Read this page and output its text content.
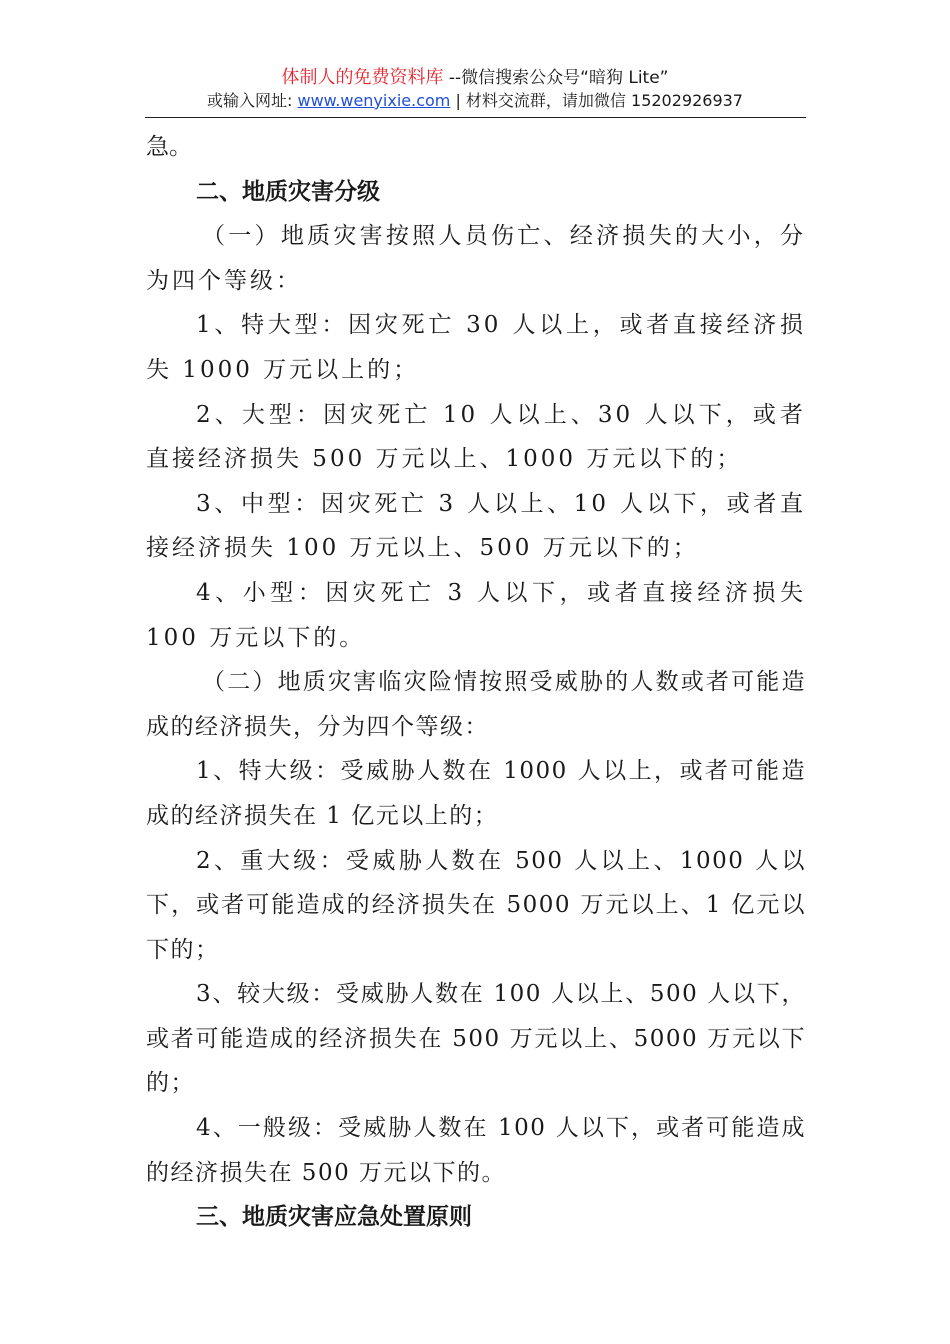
体制人的免费资料库 --微信搜索公众号“暗狗 Lite”
或输入网址: www.wenyixie.com | 材料交流群，请加微信 15202926937

急。

二、地质灾害分级

（一）地质灾害按照人员伤亡、经济损失的大小，分为四个等级：

1、特大型：因灾死亡 30 人以上，或者直接经济损失 1000 万元以上的；

2、大型：因灾死亡 10 人以上、30 人以下，或者直接经济损失 500 万元以上、1000 万元以下的；

3、中型：因灾死亡 3 人以上、10 人以下，或者直接经济损失 100 万元以上、500 万元以下的；

4、小型：因灾死亡 3 人以下，或者直接经济损失 100 万元以下的。

（二）地质灾害临灾险情按照受威胁的人数或者可能造成的经济损失，分为四个等级：

1、特大级：受威胁人数在 1000 人以上，或者可能造成的经济损失在 1 亿元以上的；

2、重大级：受威胁人数在 500 人以上、1000 人以下，或者可能造成的经济损失在 5000 万元以上、1 亿元以下的；

3、较大级：受威胁人数在 100 人以上、500 人以下，或者可能造成的经济损失在 500 万元以上、5000 万元以下的；

4、一般级：受威胁人数在 100 人以下，或者可能造成的经济损失在 500 万元以下的。

三、地质灾害应急处置原则
